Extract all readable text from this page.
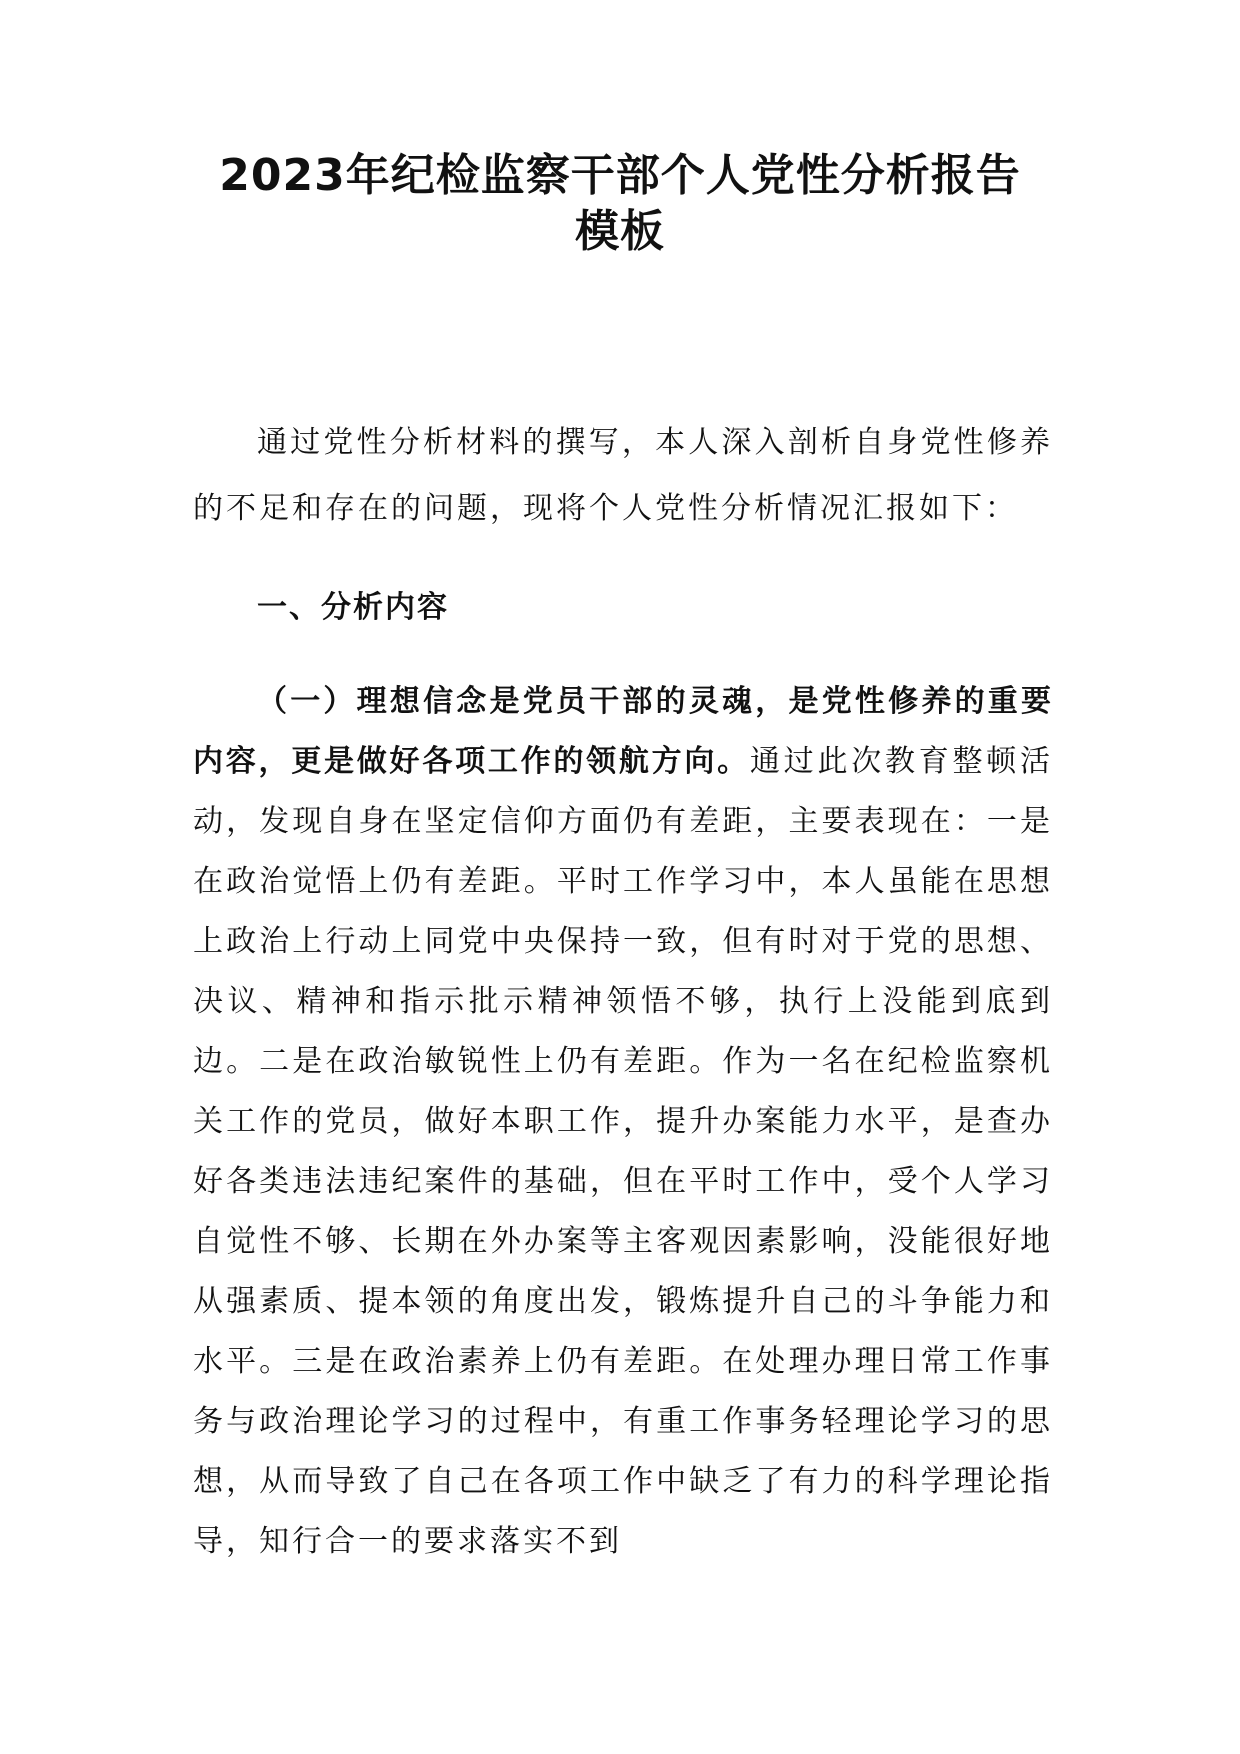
2023年纪检监察干部个人党性分析报告
模板

通过党性分析材料的撰写，本人深入剖析自身党性修养的不足和存在的问题，现将个人党性分析情况汇报如下：

一、分析内容

（一）理想信念是党员干部的灵魂，是党性修养的重要内容，更是做好各项工作的领航方向。通过此次教育整顿活动，发现自身在坚定信仰方面仍有差距，主要表现在：一是在政治觉悟上仍有差距。平时工作学习中，本人虽能在思想上政治上行动上同党中央保持一致，但有时对于党的思想、决议、精神和指示批示精神领悟不够，执行上没能到底到边。二是在政治敏锐性上仍有差距。作为一名在纪检监察机关工作的党员，做好本职工作，提升办案能力水平，是查办好各类违法违纪案件的基础，但在平时工作中，受个人学习自觉性不够、长期在外办案等主客观因素影响，没能很好地从强素质、提本领的角度出发，锻炼提升自己的斗争能力和水平。三是在政治素养上仍有差距。在处理办理日常工作事务与政治理论学习的过程中，有重工作事务轻理论学习的思想，从而导致了自己在各项工作中缺乏了有力的科学理论指导，知行合一的要求落实不到
